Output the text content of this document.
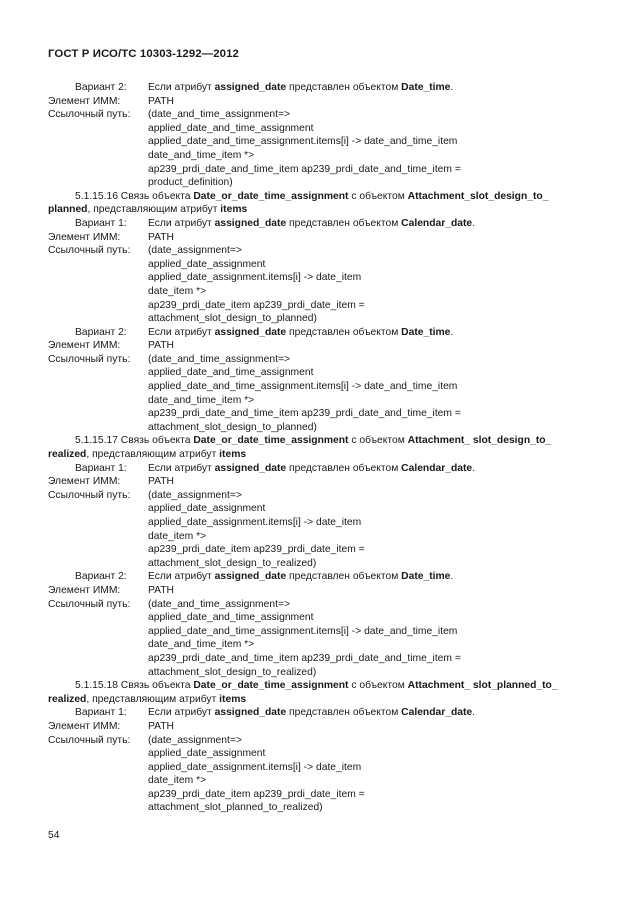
ГОСТ Р ИСО/ТС 10303-1292—2012
Вариант 2: Если атрибут assigned_date представлен объектом Date_time.
Элемент ИММ:	PATH
Ссылочный путь: (date_and_time_assignment=>
applied_date_and_time_assignment
applied_date_and_time_assignment.items[i] -> date_and_time_item
date_and_time_item *>
ap239_prdi_date_and_time_item ap239_prdi_date_and_time_item =
product_definition)
5.1.15.16 Связь объекта Date_or_date_time_assignment с объектом Attachment_slot_design_to_
planned, представляющим атрибут items
Вариант 1: Если атрибут assigned_date представлен объектом Calendar_date.
Элемент ИММ:	PATH
Ссылочный путь: (date_assignment=>
applied_date_assignment
applied_date_assignment.items[i] -> date_item
date_item *>
ap239_prdi_date_item ap239_prdi_date_item =
attachment_slot_design_to_planned)
Вариант 2: Если атрибут assigned_date представлен объектом Date_time.
Элемент ИММ:	PATH
Ссылочный путь: (date_and_time_assignment=>
applied_date_and_time_assignment
applied_date_and_time_assignment.items[i] -> date_and_time_item
date_and_time_item *>
ap239_prdi_date_and_time_item ap239_prdi_date_and_time_item =
attachment_slot_design_to_planned)
5.1.15.17 Связь объекта Date_or_date_time_assignment с объектом Attachment_ slot_design_to_
realized, представляющим атрибут items
Вариант 1: Если атрибут assigned_date представлен объектом Calendar_date.
Элемент ИММ:	PATH
Ссылочный путь: (date_assignment=>
applied_date_assignment
applied_date_assignment.items[i] -> date_item
date_item *>
ap239_prdi_date_item ap239_prdi_date_item =
attachment_slot_design_to_realized)
Вариант 2: Если атрибут assigned_date представлен объектом Date_time.
Элемент ИММ:	PATH
Ссылочный путь: (date_and_time_assignment=>
applied_date_and_time_assignment
applied_date_and_time_assignment.items[i] -> date_and_time_item
date_and_time_item *>
ap239_prdi_date_and_time_item ap239_prdi_date_and_time_item =
attachment_slot_design_to_realized)
5.1.15.18 Связь объекта Date_or_date_time_assignment с объектом Attachment_ slot_planned_to_
realized, представляющим атрибут items
Вариант 1: Если атрибут assigned_date представлен объектом Calendar_date.
Элемент ИММ:	PATH
Ссылочный путь: (date_assignment=>
applied_date_assignment
applied_date_assignment.items[i] -> date_item
date_item *>
ap239_prdi_date_item ap239_prdi_date_item =
attachment_slot_planned_to_realized)
54
